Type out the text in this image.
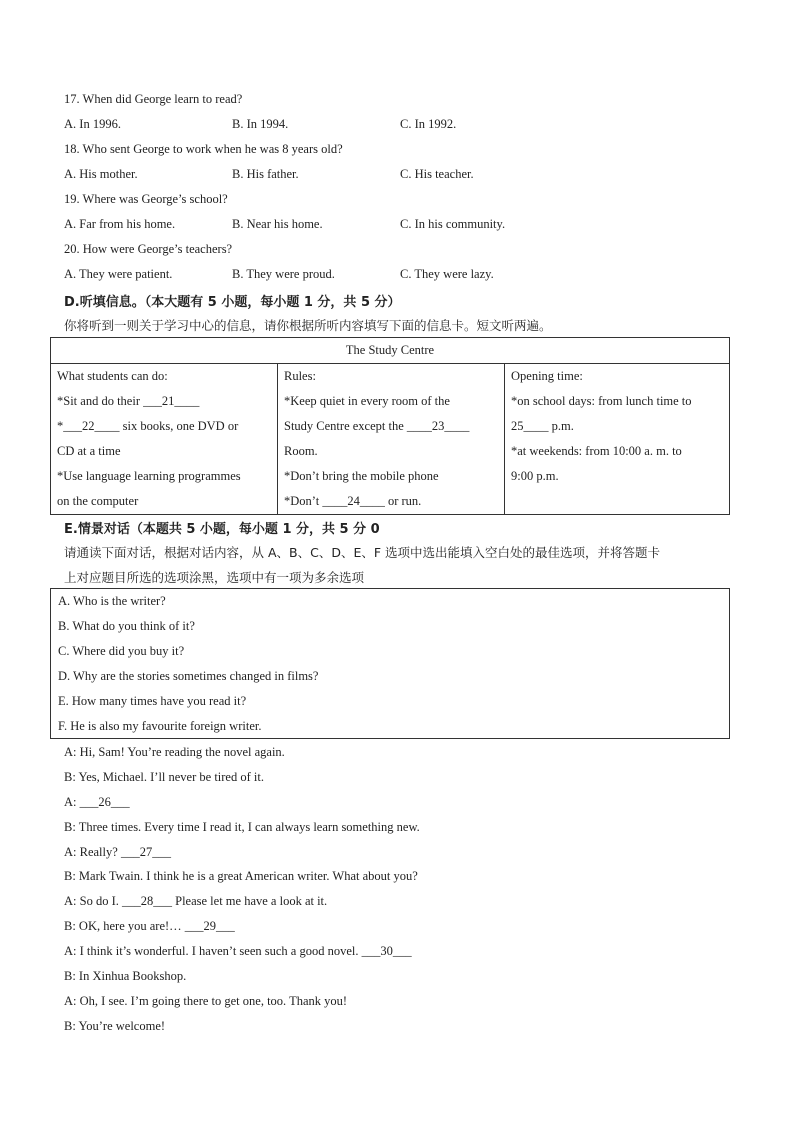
17. When did George learn to read?
A. In 1996.	B. In 1994.	C. In 1992.
18. Who sent George to work when he was 8 years old?
A. His mother.	B. His father.	C. His teacher.
19. Where was George’s school?
A. Far from his home.	B. Near his home.	C. In his community.
20. How were George’s teachers?
A. They were patient.	B. They were proud.	C. They were lazy.
D.听填信息。（本大题有 5 小题，每小题 1 分，共 5 分）
你将听到一则关于学习中心的信息，请你根据所听内容填写下面的信息卡。短文听两遍。
The Study Centre

What students can do:
*Sit and do their ___21____
*___22____ six books, one DVD or
CD at a time
*Use language learning programmes
on the computer

Rules:
*Keep quiet in every room of the
Study Centre except the ____23____
Room.
*Don’t bring the mobile phone
*Don’t ____24____ or run.

Opening time:
*on school days: from lunch time to
25____ p.m.
*at weekends: from 10:00 a. m. to
9:00 p.m.
E.情景对话（本题共 5 小题，每小题 1 分，共 5 分 0
请通读下面对话，根据对话内容，从 A、B、C、D、E、F 选项中选出能填入空白处的最佳选项，并将答题卡
上对应题目所选的选项涂黑，选项中有一项为多余选项
A. Who is the writer?
B. What do you think of it?
C. Where did you buy it?
D. Why are the stories sometimes changed in films?
E. How many times have you read it?
F. He is also my favourite foreign writer.
A: Hi, Sam! You’re reading the novel again.
B: Yes, Michael. I’ll never be tired of it.
A: ___26___
B: Three times. Every time I read it, I can always learn something new.
A: Really? ___27___
B: Mark Twain. I think he is a great American writer. What about you?
A: So do I. ___28___ Please let me have a look at it.
B: OK, here you are!… ___29___
A: I think it’s wonderful. I haven’t seen such a good novel. ___30___
B: In Xinhua Bookshop.
A: Oh, I see. I’m going there to get one, too. Thank you!
B: You’re welcome!
